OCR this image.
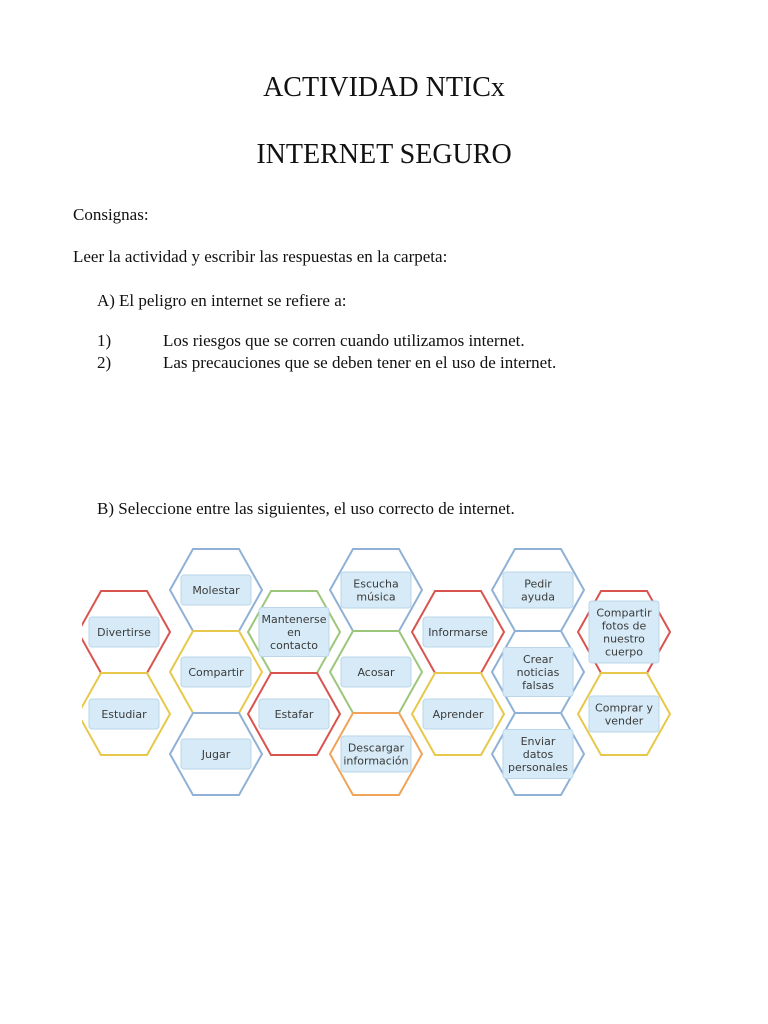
ACTIVIDAD NTICx
INTERNET SEGURO

Consignas:

Leer la actividad y escribir las respuestas en la carpeta:

A) El peligro en internet se refiere a:
1)	Los riesgos que se corren cuando utilizamos internet.
2)	Las precauciones que se deben tener en el uso de internet.

B) Seleccione entre las siguientes, el uso correcto de internet.

Divertirse
Molestar
Mantenerse
en
contacto
Escucha
música
Informarse
Pedir
ayuda
Compartir
fotos de
nuestro
cuerpo
Compartir	Acosar
Crear
noticias
falsas
Estudiar	Estafar	Aprender	Comprar y
vender
Jugar	Descargar
información
Enviar
datos
personales
